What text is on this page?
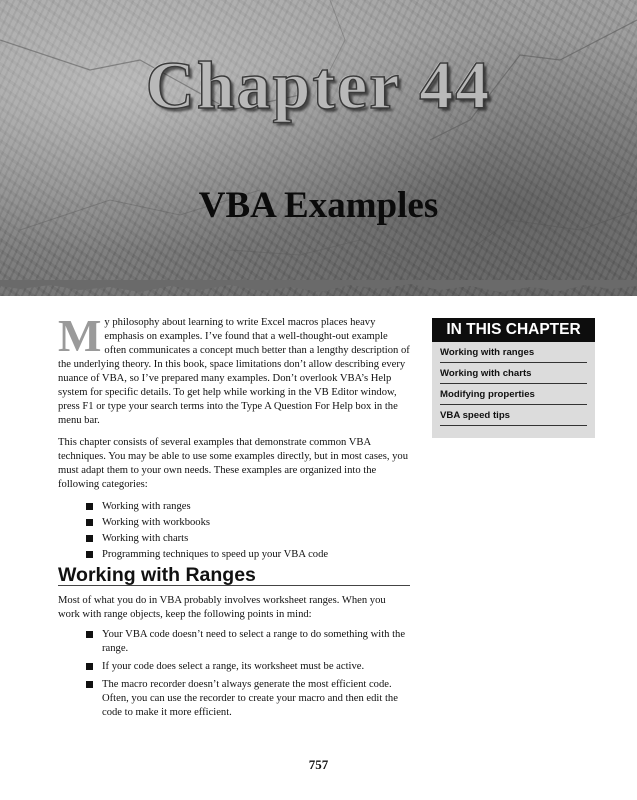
Chapter 44
VBA Examples

My philosophy about learning to write Excel macros places heavy emphasis on examples. I’ve found that a well-thought-out example often communicates a concept much better than a lengthy description of the underlying theory. In this book, space limitations don’t allow describing every nuance of VBA, so I’ve prepared many examples. Don’t overlook VBA’s Help system for specific details. To get help while working in the VB Editor window, press F1 or type your search terms into the Type A Question For Help box in the menu bar.

This chapter consists of several examples that demonstrate common VBA techniques. You may be able to use some examples directly, but in most cases, you must adapt them to your own needs. These examples are organized into the following categories:

Working with ranges
Working with workbooks
Working with charts
Programming techniques to speed up your VBA code
IN THIS CHAPTER
Working with ranges
Working with charts
Modifying properties
VBA speed tips
Working with Ranges

Most of what you do in VBA probably involves worksheet ranges. When you work with range objects, keep the following points in mind:

Your VBA code doesn’t need to select a range to do something with the range.
If your code does select a range, its worksheet must be active.
The macro recorder doesn’t always generate the most efficient code. Often, you can use the recorder to create your macro and then edit the code to make it more efficient.
757
